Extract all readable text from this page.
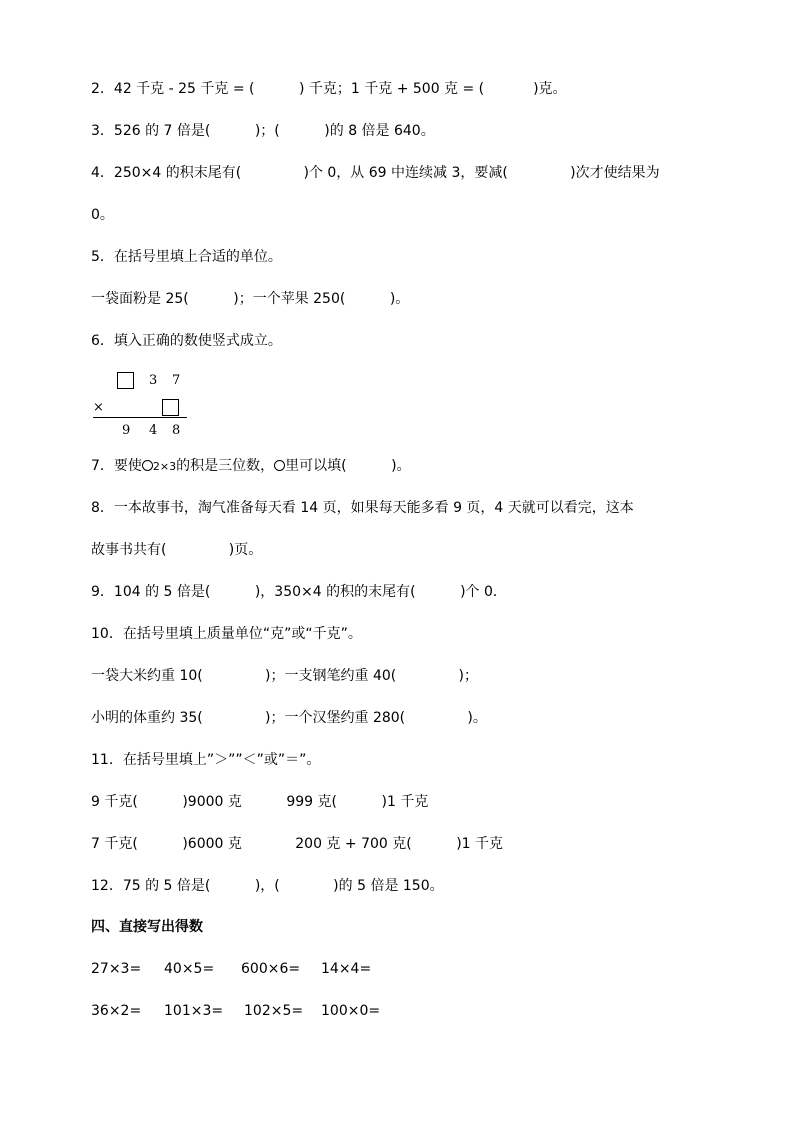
2．42 千克 - 25 千克 = (          ) 千克；1 千克 + 500 克 = (           )克。
3．526 的 7 倍是(          )；(          )的 8 倍是 640。
4．250×4 的积末尾有(              )个 0，从 69 中连续减 3，要减(              )次才使结果为
0。
5．在括号里填上合适的单位。
一袋面粉是 25(          )；一个苹果 250(          )。
6．填入正确的数使竖式成立。
3 7
×
9 4 8
7．要使 2×3的积是三位数， 里可以填(          )。
8．一本故事书，淘气准备每天看 14 页，如果每天能多看 9 页，4 天就可以看完，这本
故事书共有(              )页。
9．104 的 5 倍是(          )，350×4 的积的末尾有(          )个 0．
10．在括号里填上质量单位“克”或“千克”。
一袋大米约重 10(              )；一支钢笔约重 40(              )；
小明的体重约 35(              )；一个汉堡约重 280(              )。
11．在括号里填上”＞””＜”或”＝”。
9 千克(          )9000 克          999 克(          )1 千克
7 千克(          )6000 克            200 克 + 700 克(          )1 千克
12．75 的 5 倍是(          )，(            )的 5 倍是 150。
四、直接写出得数
27×3= 40×5= 600×6= 14×4=
36×2= 101×3= 102×5= 100×0=
